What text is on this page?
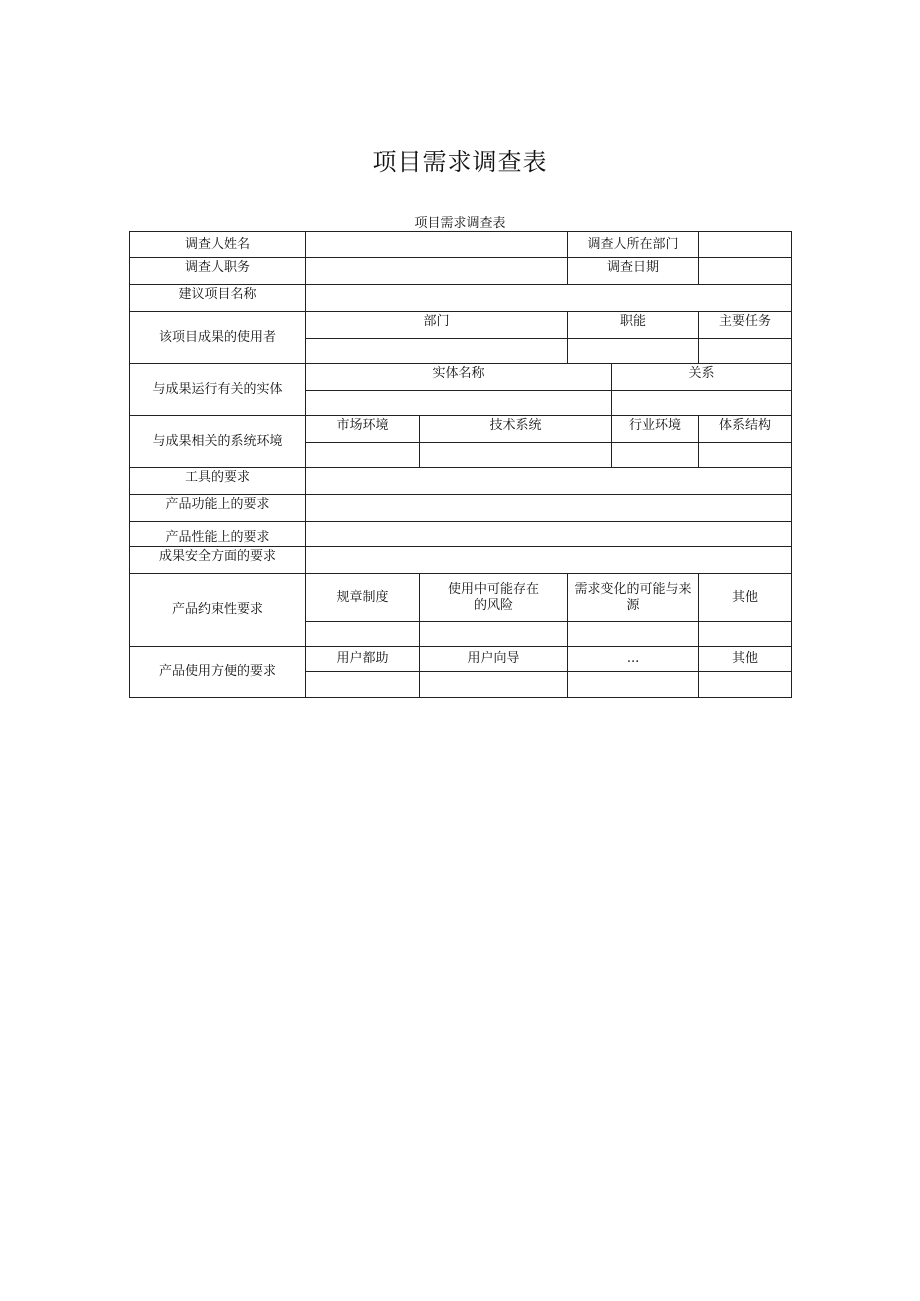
项目需求调查表
项目需求调查表
调查人姓名			调查人所在部门		
调查人职务			调查日期		
建议项目名称					
该项目成果的使用者	部门		职能		主要任务

与成果运行有关的实体	实体名称			关系	

与成果相关的系统环境	市场环境	技术系统		行业环境	体系结构

工具的要求					
产品功能上的要求					
产品性能上的要求					
成果安全方面的要求					
产品约束性要求	规章制度	使用中可能存在的风险	需求变化的可能与来源		其他

产品使用方便的要求	用户都助	用户向导	...		其他
